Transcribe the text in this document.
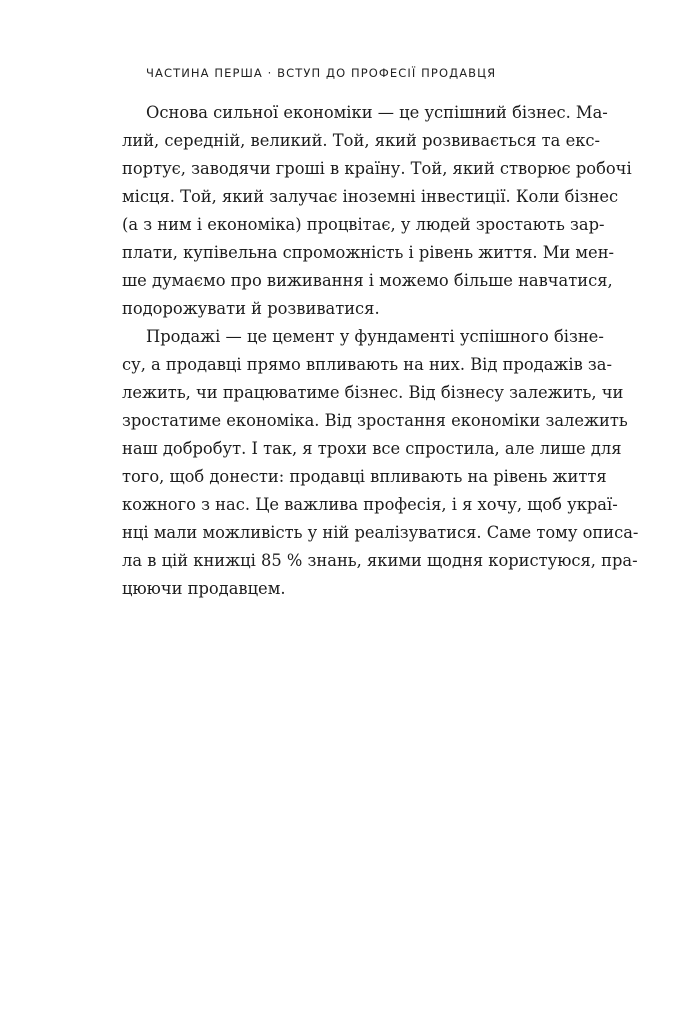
ЧАСТИНА ПЕРША · ВСТУП ДО ПРОФЕСІЇ ПРОДАВЦЯ
Основа сильної економіки — це успішний бізнес. Ма-
лий, середній, великий. Той, який розвивається та екс-
портує, заводячи гроші в країну. Той, який створює робочі
місця. Той, який залучає іноземні інвестиції. Коли бізнес
(а з ним і економіка) процвітає, у людей зростають зар-
плати, купівельна спроможність і рівень життя. Ми мен-
ше думаємо про виживання і можемо більше навчатися,
подорожувати й розвиватися.
Продажі — це цемент у фундаменті успішного бізне-
су, а продавці прямо впливають на них. Від продажів за-
лежить, чи працюватиме бізнес. Від бізнесу залежить, чи
зростатиме економіка. Від зростання економіки залежить
наш добробут. І так, я трохи все спростила, але лише для
того, щоб донести: продавці впливають на рівень життя
кожного з нас. Це важлива професія, і я хочу, щоб украї-
нці мали можливість у ній реалізуватися. Саме тому описа-
ла в цій книжці 85 % знань, якими щодня користуюся, пра-
цюючи продавцем.
